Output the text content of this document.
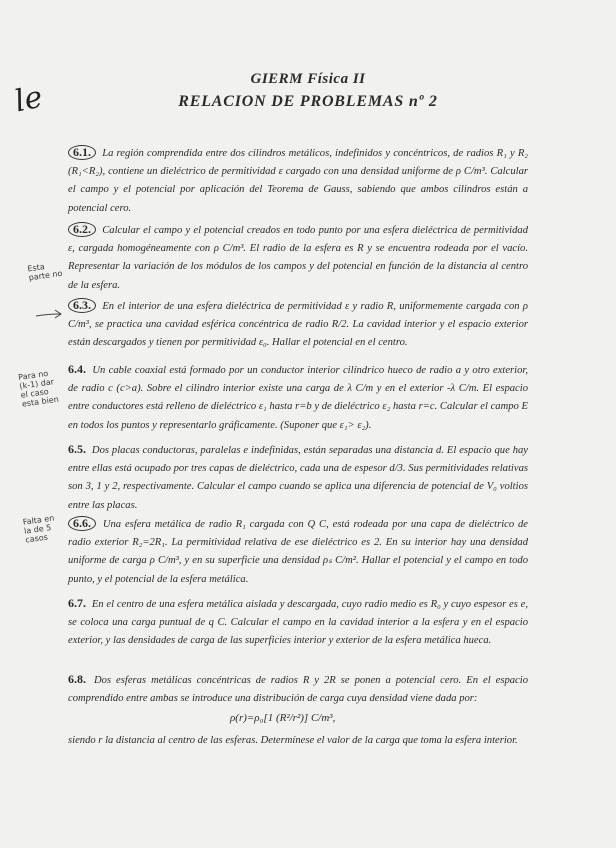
le
GIERM Física II
RELACION DE PROBLEMAS nº 2
Esta parte no
Para no (k-1) dar el caso esta bien
Falta en la de 5 casos
6.1. La región comprendida entre dos cilindros metálicos, indefinidos y concéntricos, de radios R₁ y R₂ (R₁<R₂), contiene un dieléctrico de permitividad ε cargado con una densidad uniforme de ρ C/m³. Calcular el campo y el potencial por aplicación del Teorema de Gauss, sabiendo que ambos cilindros están a potencial cero.
6.2. Calcular el campo y el potencial creados en todo punto por una esfera dieléctrica de permitividad ε, cargada homogéneamente con ρ C/m³. El radio de la esfera es R y se encuentra rodeada por el vacío. Representar la variación de los módulos de los campos y del potencial en función de la distancia al centro de la esfera.
6.3. En el interior de una esfera dieléctrica de permitividad ε y radio R, uniformemente cargada con ρ C/m³, se practica una cavidad esférica concéntrica de radio R/2. La cavidad interior y el espacio exterior están descargados y tienen por permitividad ε₀. Hallar el potencial en el centro.
6.4. Un cable coaxial está formado por un conductor interior cilíndrico hueco de radio a y otro exterior, de radio c (c>a). Sobre el cilindro interior existe una carga de λ C/m y en el exterior -λ C/m. El espacio entre conductores está relleno de dieléctrico ε₁ hasta r=b y de dieléctrico ε₂ hasta r=c. Calcular el campo E en todos los puntos y representarlo gráficamente. (Suponer que ε₁> ε₂).
6.5. Dos placas conductoras, paralelas e indefinidas, están separadas una distancia d. El espacio que hay entre ellas está ocupado por tres capas de dieléctrico, cada una de espesor d/3. Sus permitividades relativas son 3, 1 y 2, respectivamente. Calcular el campo cuando se aplica una diferencia de potencial de V₀ voltios entre las placas.
6.6. Una esfera metálica de radio R₁ cargada con Q C, está rodeada por una capa de dieléctrico de radio exterior R₂=2R₁. La permitividad relativa de ese dieléctrico es 2. En su interior hay una densidad uniforme de carga ρ C/m³, y en su superficie una densidad ρₛ C/m². Hallar el potencial y el campo en todo punto, y el potencial de la esfera metálica.
6.7. En el centro de una esfera metálica aislada y descargada, cuyo radio medio es R₀ y cuyo espesor es e, se coloca una carga puntual de q C. Calcular el campo en la cavidad interior a la esfera y en el espacio exterior, y las densidades de carga de las superficies interior y exterior de la esfera metálica hueca.
6.8. Dos esferas metálicas concéntricas de radios R y 2R se ponen a potencial cero. En el espacio comprendido entre ambas se introduce una distribución de carga cuya densidad viene dada por:
ρ(r)=ρ₀[1 (R²/r²)] C/m³,
siendo r la distancia al centro de las esferas. Determínese el valor de la carga que toma la esfera interior.
